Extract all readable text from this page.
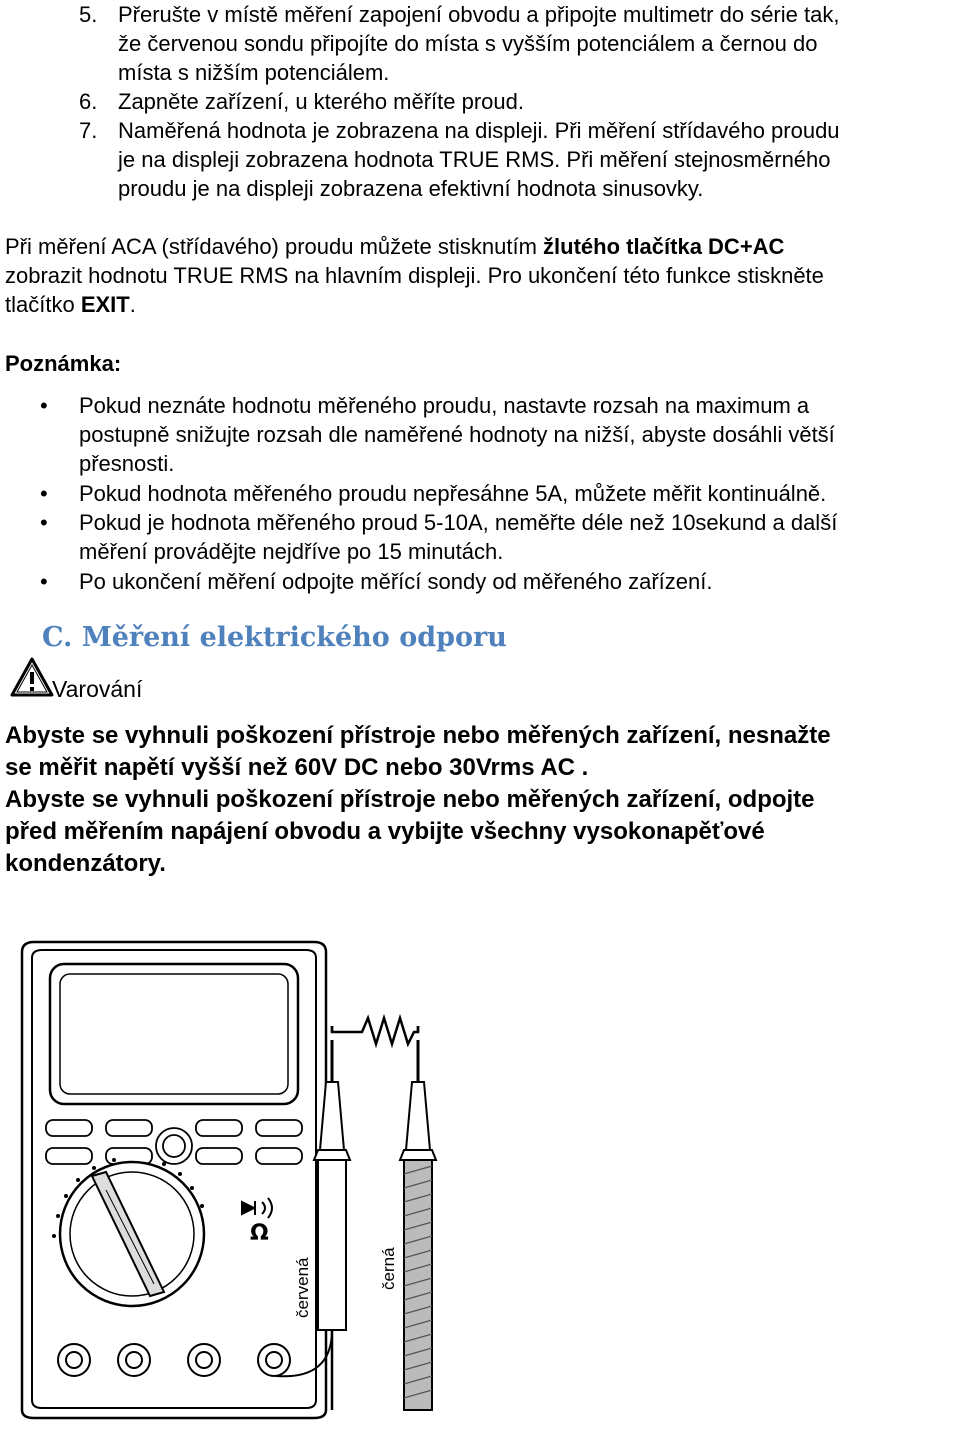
5. Přerušte v místě měření zapojení obvodu a připojte multimetr do série tak,
že červenou sondu připojíte do místa s vyšším potenciálem a černou do
místa s nižším potenciálem.
6. Zapněte zařízení, u kterého měříte proud.
7. Naměřená hodnota je zobrazena na displeji. Při měření střídavého proudu
je na displeji zobrazena hodnota TRUE RMS. Při měření stejnosměrného
proudu je na displeji zobrazena efektivní hodnota sinusovky.
Při měření ACA (střídavého) proudu můžete stisknutím žlutého tlačítka DC+AC
zobrazit hodnotu TRUE RMS na hlavním displeji. Pro ukončení této funkce stiskněte
tlačítko EXIT.
Poznámka:
• Pokud neznáte hodnotu měřeného proudu, nastavte rozsah na maximum a
postupně snižujte rozsah dle naměřené hodnoty na nižší, abyste dosáhli větší
přesnosti.
• Pokud hodnota měřeného proudu nepřesáhne 5A, můžete měřit kontinuálně.
• Pokud je hodnota měřeného proud 5-10A, neměřte déle než 10sekund a další
měření provádějte nejdříve po 15 minutách.
• Po ukončení měření odpojte měřící sondy od měřeného zařízení.
C. Měření elektrického odporu
Varování
Abyste se vyhnuli poškození přístroje nebo měřených zařízení, nesnažte
se měřit napětí vyšší než 60V DC nebo 30Vrms AC .
Abyste se vyhnuli poškození přístroje nebo měřených zařízení, odpojte
před měřením napájení obvodu a vybijte všechny vysokonapěťové
kondenzátory.
Ω
červená	černá
